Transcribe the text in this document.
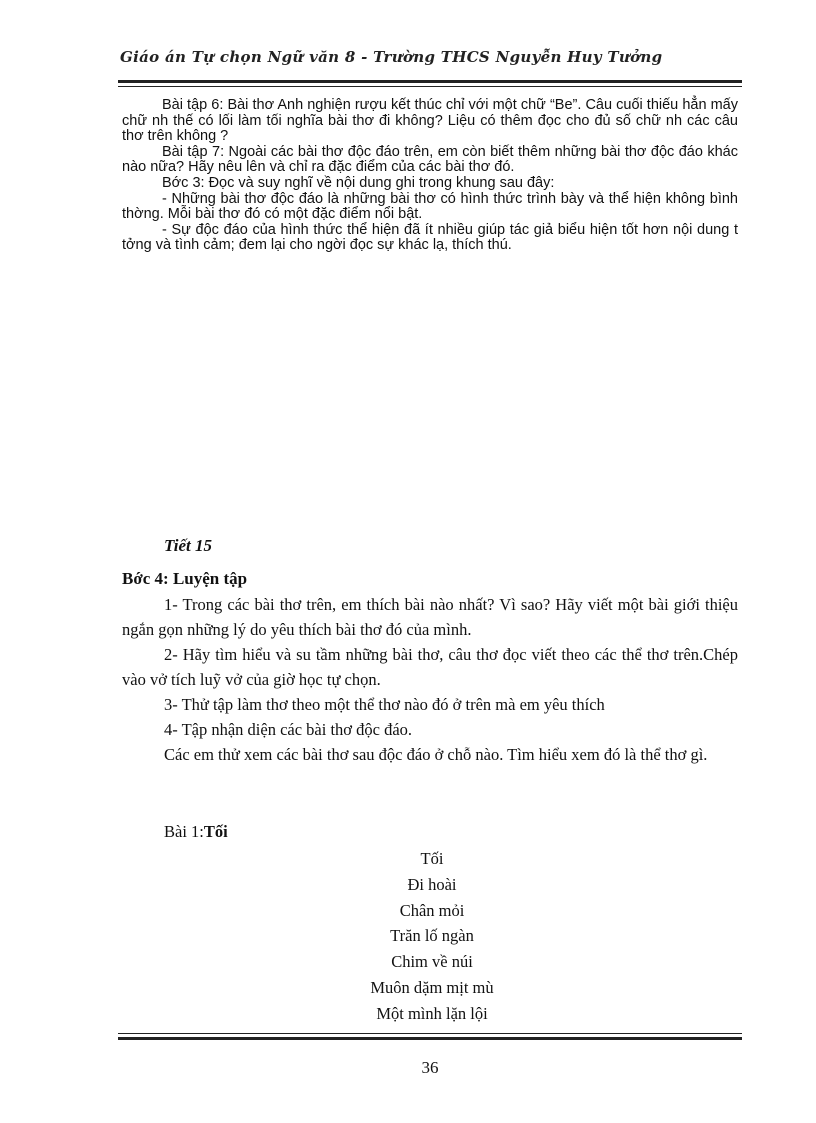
Giáo án Tự chọn Ngữ văn 8 - Trường THCS Nguyễn Huy Tưởng

Bài tập 6: Bài thơ Anh nghiện rượu kết thúc chỉ với một chữ “Be”. Câu cuối thiếu hẳn mấy chữ nh thế có lối làm tối nghĩa bài thơ đi không? Liệu có thêm đọc cho đủ số chữ nh các câu thơ trên không ?

Bài tập 7: Ngoài các bài thơ độc đáo trên, em còn biết thêm những bài thơ độc đáo khác nào nữa? Hãy nêu lên và chỉ ra đặc điểm của các bài thơ đó.

Bớc 3: Đọc và suy nghĩ về nội dung ghi trong khung sau đây:

- Những bài thơ độc đáo là những bài thơ có hình thức trình bày và thể hiện không bình thờng. Mỗi bài thơ đó có một đặc điểm nổi bật.

- Sự độc đáo của hình thức thể hiện đã ít nhiều giúp tác giả biểu hiện tốt hơn nội dung t tởng và tình cảm; đem lại cho ngời đọc sự khác lạ, thích thú.

Tiết 15
Bớc 4: Luyện tập

1- Trong các bài thơ trên, em thích bài nào nhất? Vì sao? Hãy viết một bài giới thiệu ngắn gọn những lý do yêu thích bài thơ đó của mình.

2- Hãy tìm hiểu và su tầm những bài thơ, câu thơ đọc viết theo các thể thơ trên.Chép vào vở tích luỹ vở của giờ học tự chọn.

3- Thử tập làm thơ theo một thể thơ nào đó ở trên mà em yêu thích

4- Tập nhận diện các bài thơ độc đáo.

Các em thử xem các bài thơ sau độc đáo ở chỗ nào. Tìm hiểu xem đó là thể thơ gì.

Bài 1:Tối
Tối
Đi hoài
Chân mỏi
Trăn lố ngàn
Chim về núi
Muôn dặm mịt mù
Một mình lặn lội
36
